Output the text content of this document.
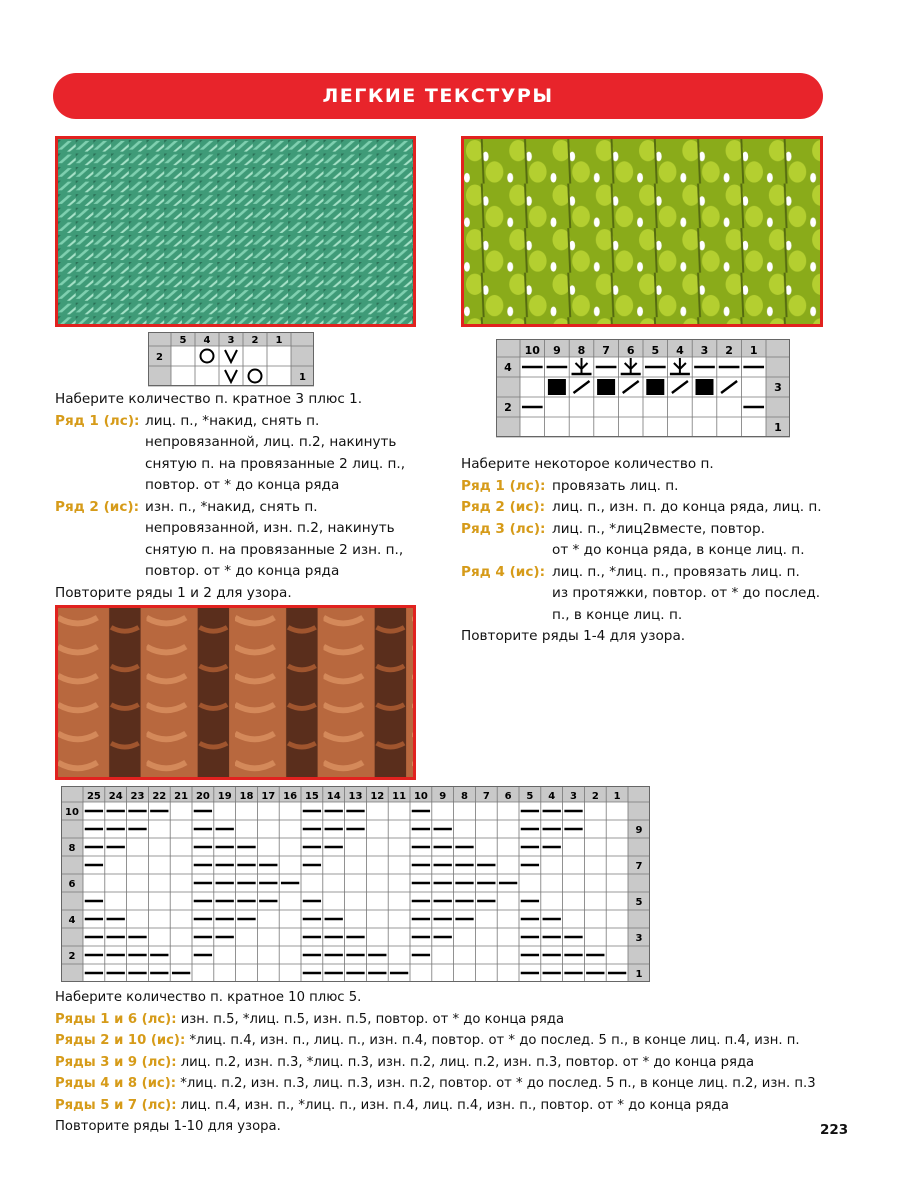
ЛЕГКИЕ ТЕКСТУРЫ
5 4 3 2 1
2
1
10 9 8 7 6 5 4 3 2 1
4
2
3
1
25 24 23 22 21 20 19 18 17 16 15 14 13 12 11 10 9 8 7 6 5 4 3 2 1
10
8
6
4
2
9
7
5
3
1
Наберите количество п. кратное 3 плюс 1.
Ряд 1 (лс): лиц. п., *накид, снять п.
непровязанной, лиц. п.2, накинуть
снятую п. на провязанные 2 лиц. п.,
повтор. от * до конца ряда
Ряд 2 (ис): изн. п., *накид, снять п.
непровязанной, изн. п.2, накинуть
снятую п. на провязанные 2 изн. п.,
повтор. от * до конца ряда
Повторите ряды 1 и 2 для узора.
Наберите некоторое количество п.
Ряд 1 (лс): провязать лиц. п.
Ряд 2 (ис): лиц. п., изн. п. до конца ряда, лиц. п.
Ряд 3 (лс): лиц. п., *лиц2вместе, повтор.
от * до конца ряда, в конце лиц. п.
Ряд 4 (ис): лиц. п., *лиц. п., провязать лиц. п.
из протяжки, повтор. от * до послед.
п., в конце лиц. п.
Повторите ряды 1-4 для узора.
Наберите количество п. кратное 10 плюс 5.
Ряды 1 и 6 (лс):
изн. п.5, *лиц. п.5, изн. п.5, повтор. от * до конца ряда
Ряды 2 и 10 (ис):
*лиц. п.4, изн. п., лиц. п., изн. п.4, повтор. от * до послед. 5 п., в конце лиц. п.4, изн. п.
Ряды 3 и 9 (лс):
лиц. п.2, изн. п.3, *лиц. п.3, изн. п.2, лиц. п.2, изн. п.3, повтор. от * до конца ряда
Ряды 4 и 8 (ис):
*лиц. п.2, изн. п.3, лиц. п.3, изн. п.2, повтор. от * до послед. 5 п., в конце лиц. п.2, изн. п.3
Ряды 5 и 7 (лс):
лиц. п.4, изн. п., *лиц. п., изн. п.4, лиц. п.4, изн. п., повтор. от * до конца ряда
Повторите ряды 1-10 для узора.	223
